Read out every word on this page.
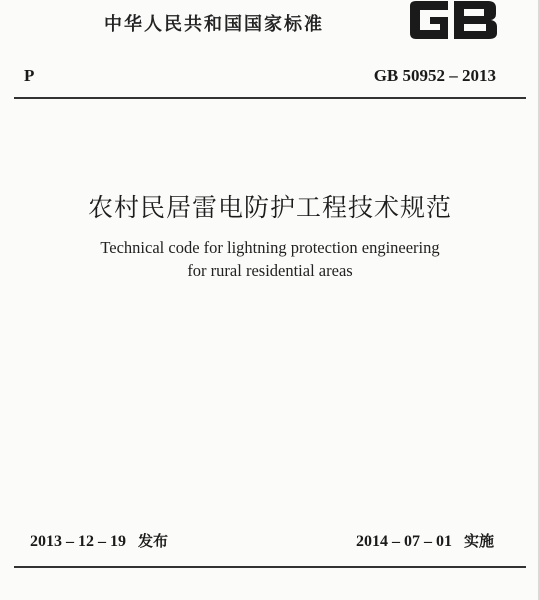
中华人民共和国国家标准
P	GB 50952 – 2013
农村民居雷电防护工程技术规范
Technical code for lightning protection engineering
for rural residential areas
2013 – 12 – 19 发布	2014 – 07 – 01 实施
